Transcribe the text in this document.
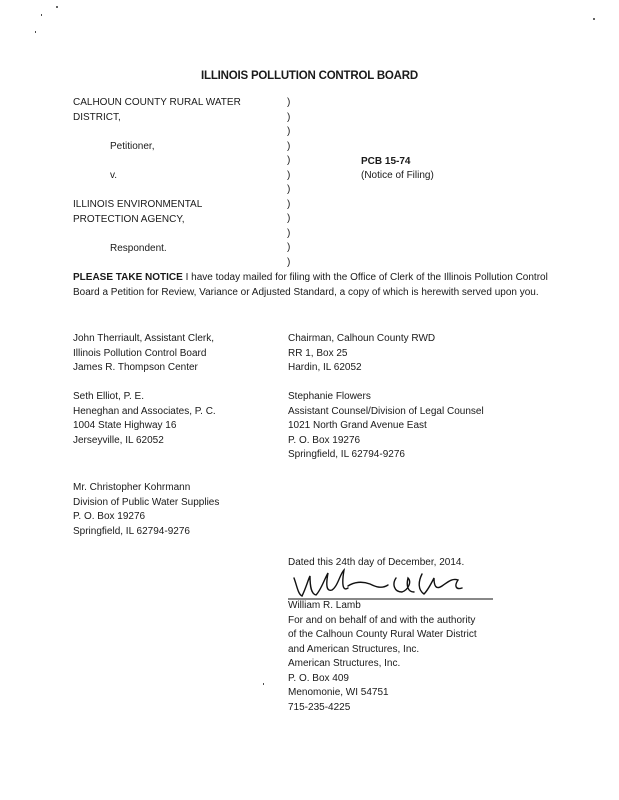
ILLINOIS POLLUTION CONTROL BOARD
CALHOUN COUNTY RURAL WATER
DISTRICT,
Petitioner,
v.
ILLINOIS ENVIRONMENTAL
PROTECTION AGENCY,
Respondent.
)
)
)
)
)
)
)
)
)
)
)
)
PCB 15-74
(Notice of Filing)
PLEASE TAKE NOTICE I have today mailed for filing with the Office of Clerk of the Illinois Pollution Control Board a Petition for Review, Variance or Adjusted Standard, a copy of which is herewith served upon you.
John Therriault, Assistant Clerk,
Illinois Pollution Control Board
James R. Thompson Center
Seth Elliot, P. E.
Heneghan and Associates, P. C.
1004 State Highway 16
Jerseyville, IL 62052
Mr. Christopher Kohrmann
Division of Public Water Supplies
P. O. Box 19276
Springfield, IL 62794-9276
Chairman, Calhoun County RWD
RR 1, Box 25
Hardin, IL 62052
Stephanie Flowers
Assistant Counsel/Division of Legal Counsel
1021 North Grand Avenue East
P. O. Box 19276
Springfield, IL 62794-9276
Dated this 24th day of December, 2014.
William R. Lamb
For and on behalf of and with the authority
of the Calhoun County Rural Water District
and American Structures, Inc.
American Structures, Inc.
P. O. Box 409
Menomonie, WI 54751
715-235-4225
